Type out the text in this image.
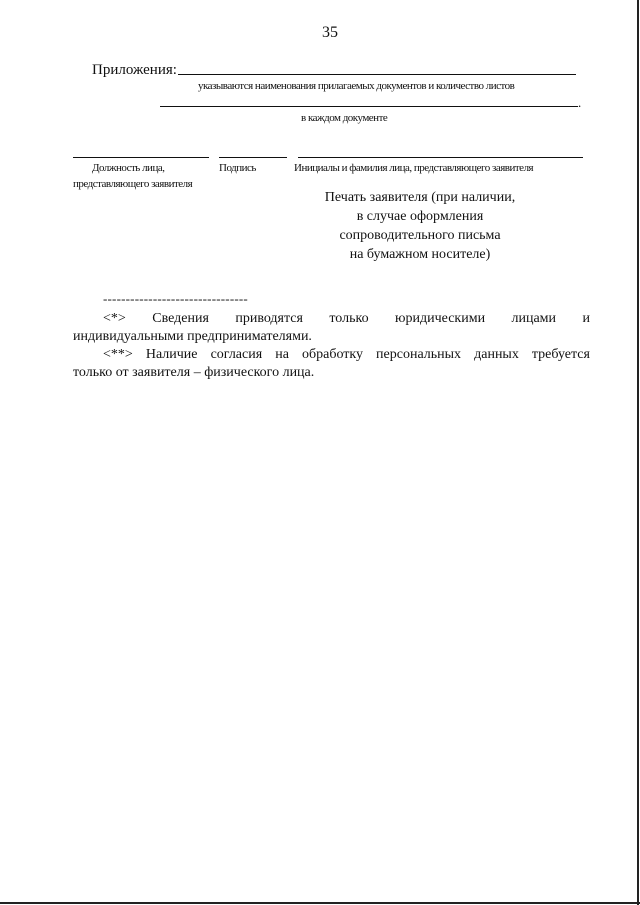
35
Приложения:
указываются наименования прилагаемых документов и количество листов
.
в каждом документе
Должность лица,
представляющего заявителя
Подпись	Инициалы и фамилия лица, представляющего заявителя
Печать заявителя (при наличии,
в случае оформления
сопроводительного письма
на бумажном носителе)
--------------------------------
<*> Сведения приводятся только юридическими лицами и
индивидуальными предпринимателями.
<**> Наличие согласия на обработку персональных данных требуется
только от заявителя – физического лица.
